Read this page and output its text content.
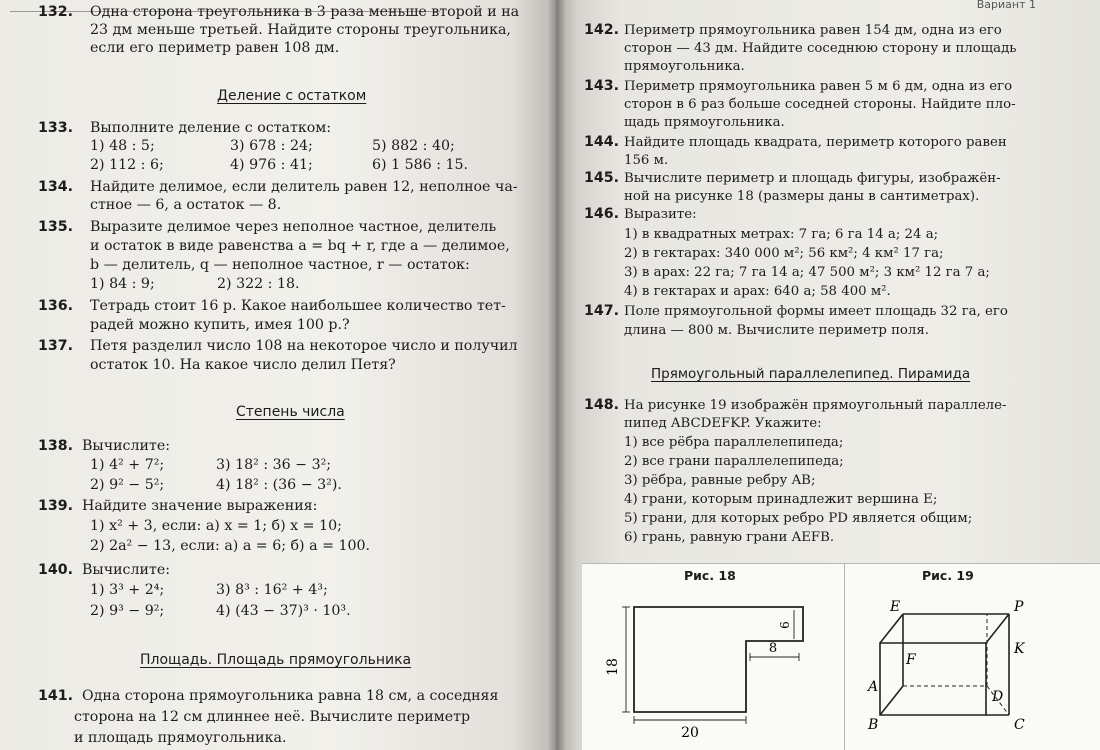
132. Одна сторона треугольника в 3 раза меньше второй и на
23 дм меньше третьей. Найдите стороны треугольника,
если его периметр равен 108 дм.
Деление с остатком
133. Выполните деление с остатком:
1) 48 : 5;	3) 678 : 24;	5) 882 : 40;
2) 112 : 6;	4) 976 : 41;	6) 1 586 : 15.
134. Найдите делимое, если делитель равен 12, неполное ча-
стное — 6, а остаток — 8.
135. Выразите делимое через неполное частное, делитель
и остаток в виде равенства a = bq + r, где a — делимое,
b — делитель, q — неполное частное, r — остаток:
1) 84 : 9;	2) 322 : 18.
136. Тетрадь стоит 16 р. Какое наибольшее количество тет-
радей можно купить, имея 100 р.?
137. Петя разделил число 108 на некоторое число и получил
остаток 10. На какое число делил Петя?
Степень числа
138. Вычислите:
1) 4² + 7²;	3) 18² : 36 − 3²;
2) 9² − 5²;	4) 18² : (36 − 3²).
139. Найдите значение выражения:
1) x² + 3, если: а) x = 1; б) x = 10;
2) 2a² − 13, если: а) a = 6; б) a = 100.
140. Вычислите:
1) 3³ + 2⁴;	3) 8³ : 16² + 4³;
2) 9³ − 9²;	4) (43 − 37)³ · 10³.
Площадь. Площадь прямоугольника
141. Одна сторона прямоугольника равна 18 см, а соседняя
сторона на 12 см длиннее неё. Вычислите периметр
и площадь прямоугольника.
Вариант 1
142. Периметр прямоугольника равен 154 дм, одна из его
сторон — 43 дм. Найдите соседнюю сторону и площадь
прямоугольника.
143. Периметр прямоугольника равен 5 м 6 дм, одна из его
сторон в 6 раз больше соседней стороны. Найдите пло-
щадь прямоугольника.
144. Найдите площадь квадрата, периметр которого равен
156 м.
145. Вычислите периметр и площадь фигуры, изображён-
ной на рисунке 18 (размеры даны в сантиметрах).
146. Выразите:
1) в квадратных метрах: 7 га; 6 га 14 а; 24 а;
2) в гектарах: 340 000 м²; 56 км²; 4 км² 17 га;
3) в арах: 22 га; 7 га 14 а; 47 500 м²; 3 км² 12 га 7 а;
4) в гектарах и арах: 640 а; 58 400 м².
147. Поле прямоугольной формы имеет площадь 32 га, его
длина — 800 м. Вычислите периметр поля.
Прямоугольный параллелепипед. Пирамида
148. На рисунке 19 изображён прямоугольный параллеле-
пипед ABCDEFKP. Укажите:
1) все рёбра параллелепипеда;
2) все грани параллелепипеда;
3) рёбра, равные ребру AB;
4) грани, которым принадлежит вершина E;
5) грани, для которых ребро PD является общим;
6) грань, равную грани AEFB.
Рис. 18	Рис. 19
18
20
8
6
E	P
K
F
A
D
B	C
